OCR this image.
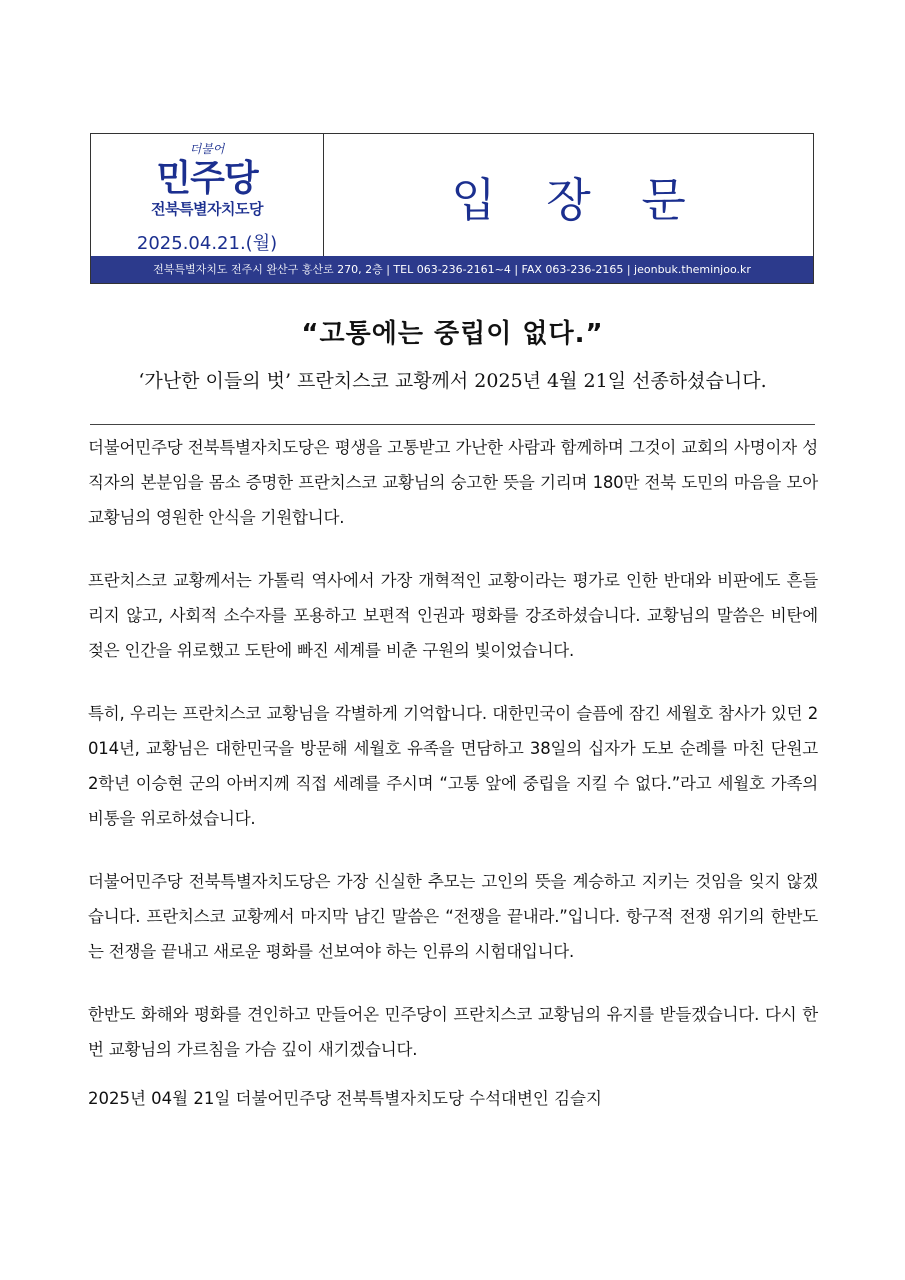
더불어
민주당
전북특별자치도당
2025.04.21.(월)
입 장 문
전북특별자치도 전주시 완산구 홍산로 270, 2층 | TEL 063-236-2161~4 | FAX 063-236-2165 | jeonbuk.theminjoo.kr
“고통에는 중립이 없다.”
‘가난한 이들의 벗’ 프란치스코 교황께서 2025년 4월 21일 선종하셨습니다.

더불어민주당 전북특별자치도당은 평생을 고통받고 가난한 사람과 함께하며 그것이 교회의 사명이자 성직자의 본분임을 몸소 증명한 프란치스코 교황님의 숭고한 뜻을 기리며 180만 전북 도민의 마음을 모아 교황님의 영원한 안식을 기원합니다.

프란치스코 교황께서는 가톨릭 역사에서 가장 개혁적인 교황이라는 평가로 인한 반대와 비판에도 흔들리지 않고, 사회적 소수자를 포용하고 보편적 인권과 평화를 강조하셨습니다. 교황님의 말씀은 비탄에 젖은 인간을 위로했고 도탄에 빠진 세계를 비춘 구원의 빛이었습니다.

특히, 우리는 프란치스코 교황님을 각별하게 기억합니다. 대한민국이 슬픔에 잠긴 세월호 참사가 있던 2014년, 교황님은 대한민국을 방문해 세월호 유족을 면담하고 38일의 십자가 도보 순례를 마친 단원고 2학년 이승현 군의 아버지께 직접 세례를 주시며 “고통 앞에 중립을 지킬 수 없다.”라고 세월호 가족의 비통을 위로하셨습니다.

더불어민주당 전북특별자치도당은 가장 신실한 추모는 고인의 뜻을 계승하고 지키는 것임을 잊지 않겠습니다. 프란치스코 교황께서 마지막 남긴 말씀은 “전쟁을 끝내라.”입니다. 항구적 전쟁 위기의 한반도는 전쟁을 끝내고 새로운 평화를 선보여야 하는 인류의 시험대입니다.

한반도 화해와 평화를 견인하고 만들어온 민주당이 프란치스코 교황님의 유지를 받들겠습니다. 다시 한번 교황님의 가르침을 가슴 깊이 새기겠습니다.

2025년 04월 21일 더불어민주당 전북특별자치도당 수석대변인 김슬지
